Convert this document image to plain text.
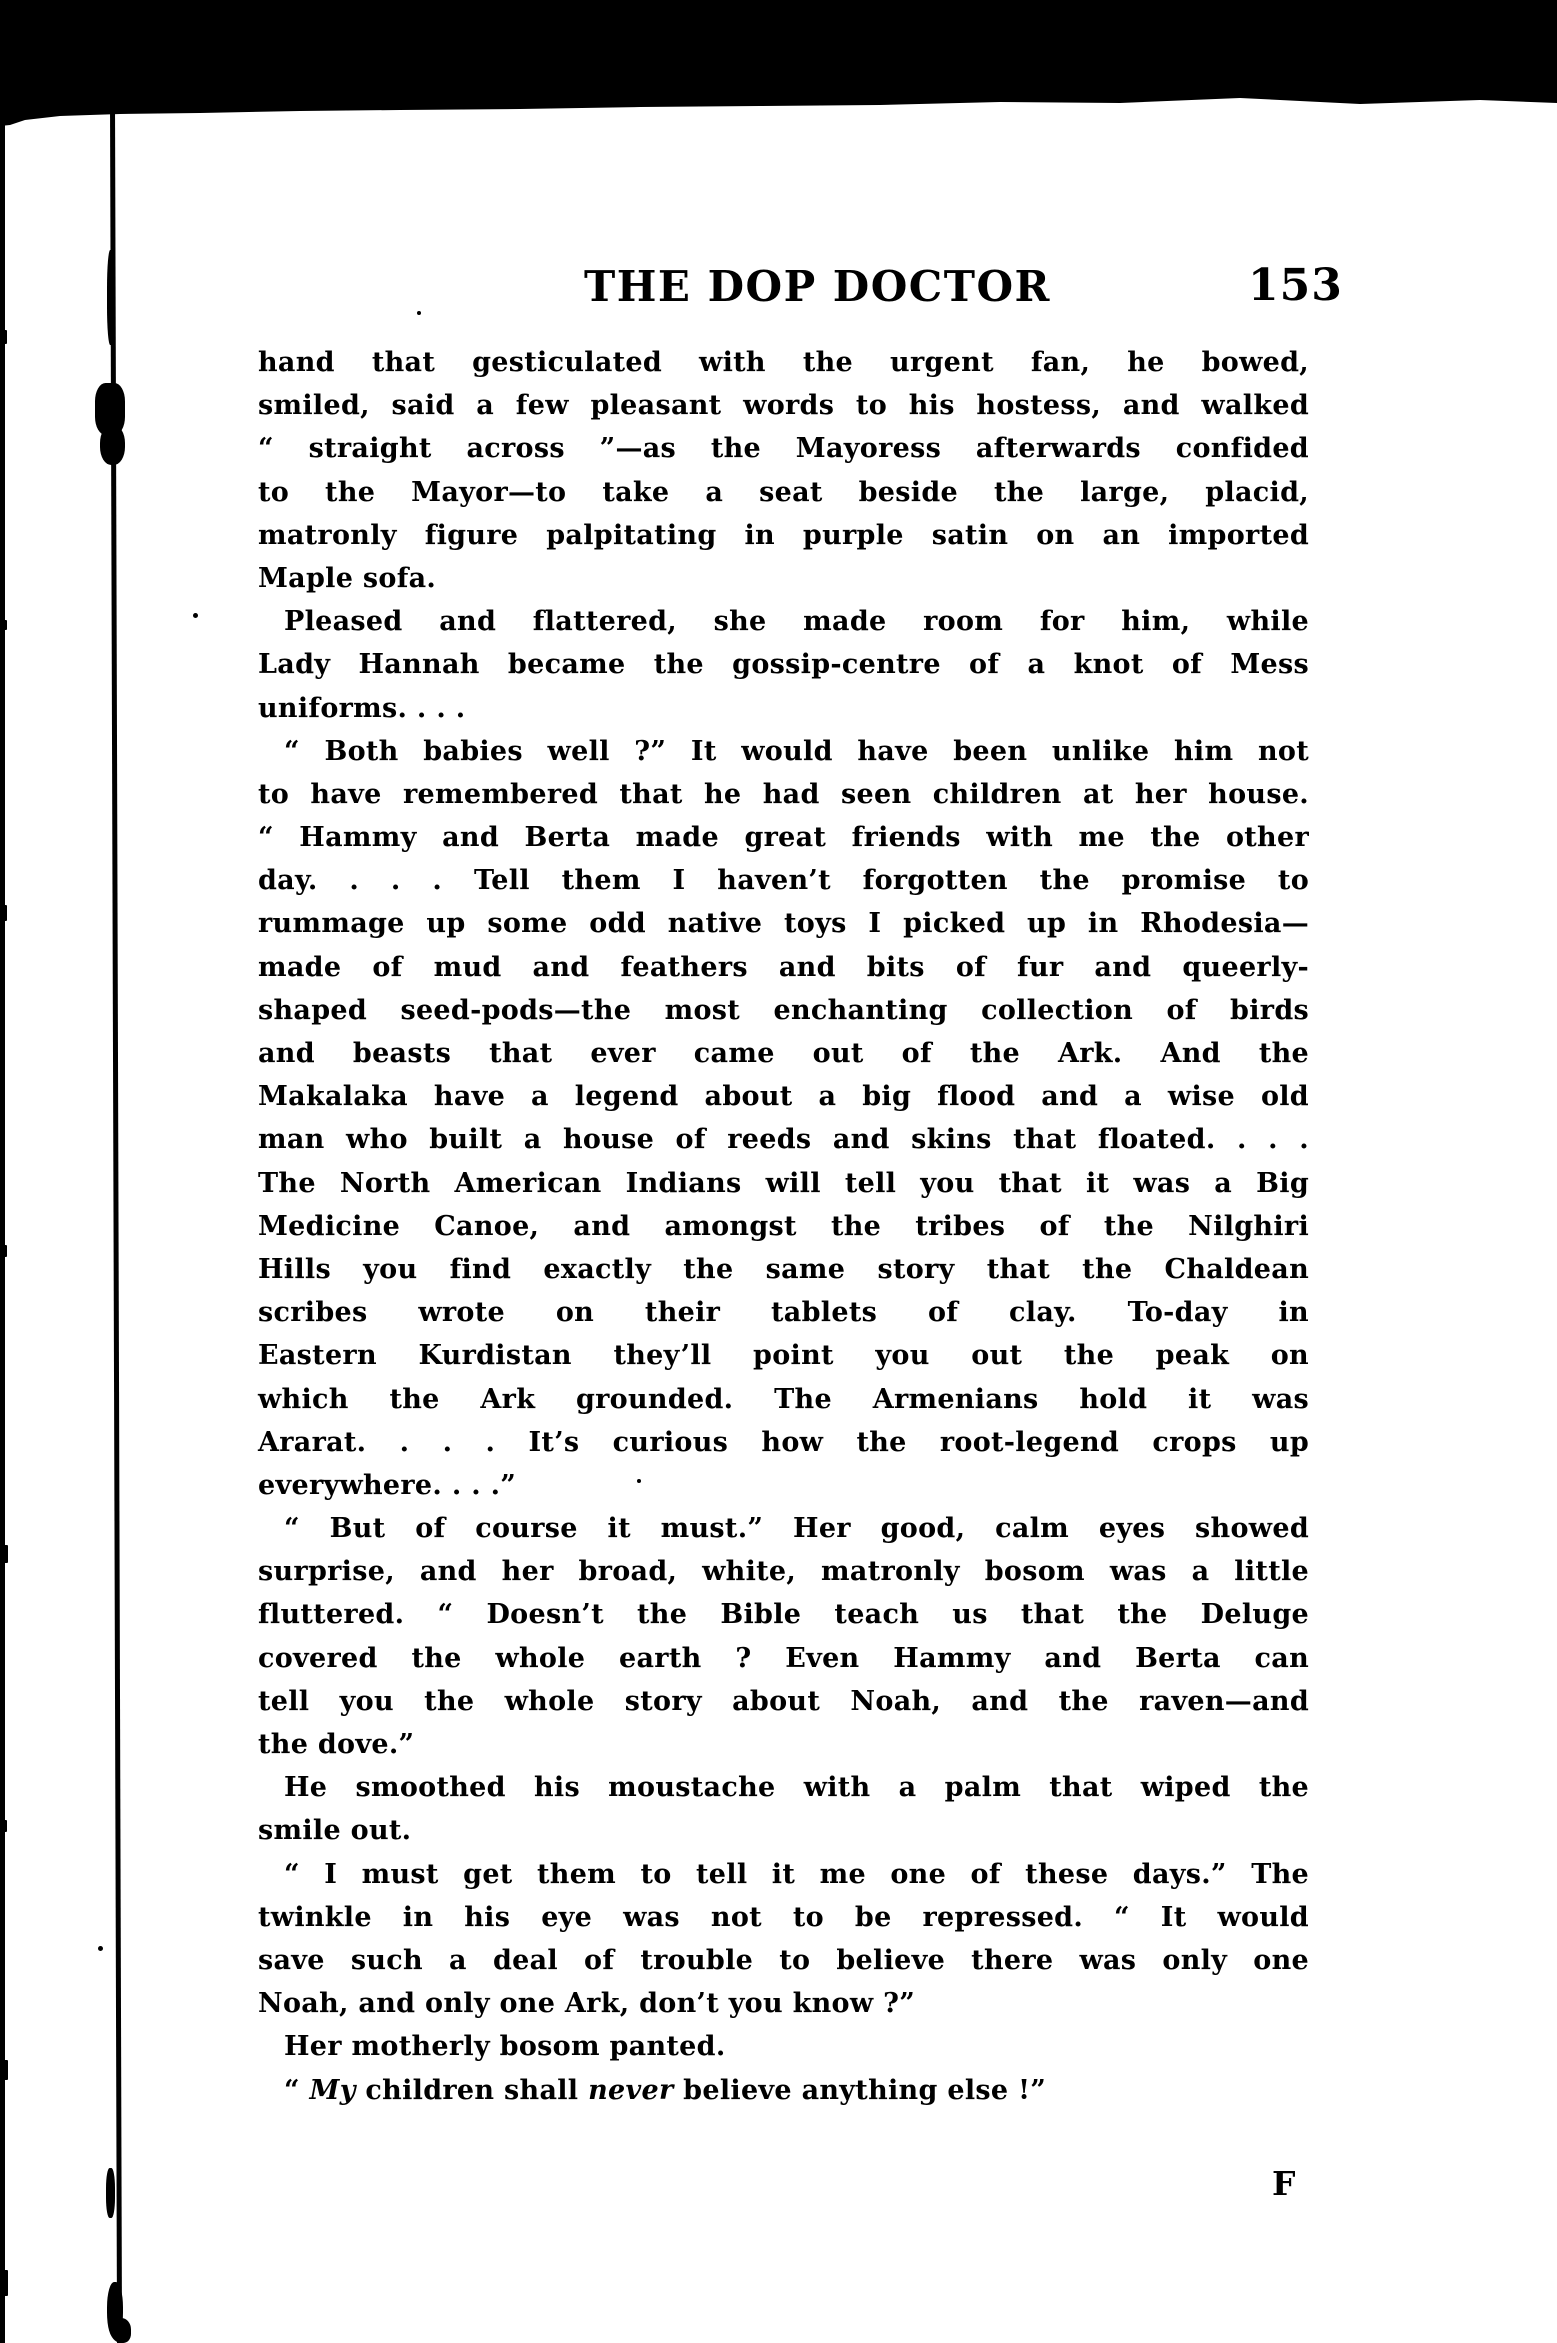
THE DOP DOCTOR	153
hand that gesticulated with the urgent fan, he bowed,
smiled, said a few pleasant words to his hostess, and walked
“ straight across ”—as the Mayoress afterwards confided
to the Mayor—to take a seat beside the large, placid,
matronly figure palpitating in purple satin on an imported
Maple sofa.
Pleased and flattered, she made room for him, while
Lady Hannah became the gossip-centre of a knot of Mess
uniforms. . . .
“ Both babies well ?” It would have been unlike him not
to have remembered that he had seen children at her house.
“ Hammy and Berta made great friends with me the other
day. . . . Tell them I haven’t forgotten the promise to
rummage up some odd native toys I picked up in Rhodesia—
made of mud and feathers and bits of fur and queerly-
shaped seed-pods—the most enchanting collection of birds
and beasts that ever came out of the Ark. And the
Makalaka have a legend about a big flood and a wise old
man who built a house of reeds and skins that floated. . . .
The North American Indians will tell you that it was a Big
Medicine Canoe, and amongst the tribes of the Nilghiri
Hills you find exactly the same story that the Chaldean
scribes wrote on their tablets of clay. To-day in
Eastern Kurdistan they’ll point you out the peak on
which the Ark grounded. The Armenians hold it was
Ararat. . . . It’s curious how the root-legend crops up
everywhere. . . .”
“ But of course it must.” Her good, calm eyes showed
surprise, and her broad, white, matronly bosom was a little
fluttered. “ Doesn’t the Bible teach us that the Deluge
covered the whole earth ? Even Hammy and Berta can
tell you the whole story about Noah, and the raven—and
the dove.”
He smoothed his moustache with a palm that wiped the
smile out.
“ I must get them to tell it me one of these days.” The
twinkle in his eye was not to be repressed. “ It would
save such a deal of trouble to believe there was only one
Noah, and only one Ark, don’t you know ?”
Her motherly bosom panted.
“ My children shall never believe anything else !”
F
